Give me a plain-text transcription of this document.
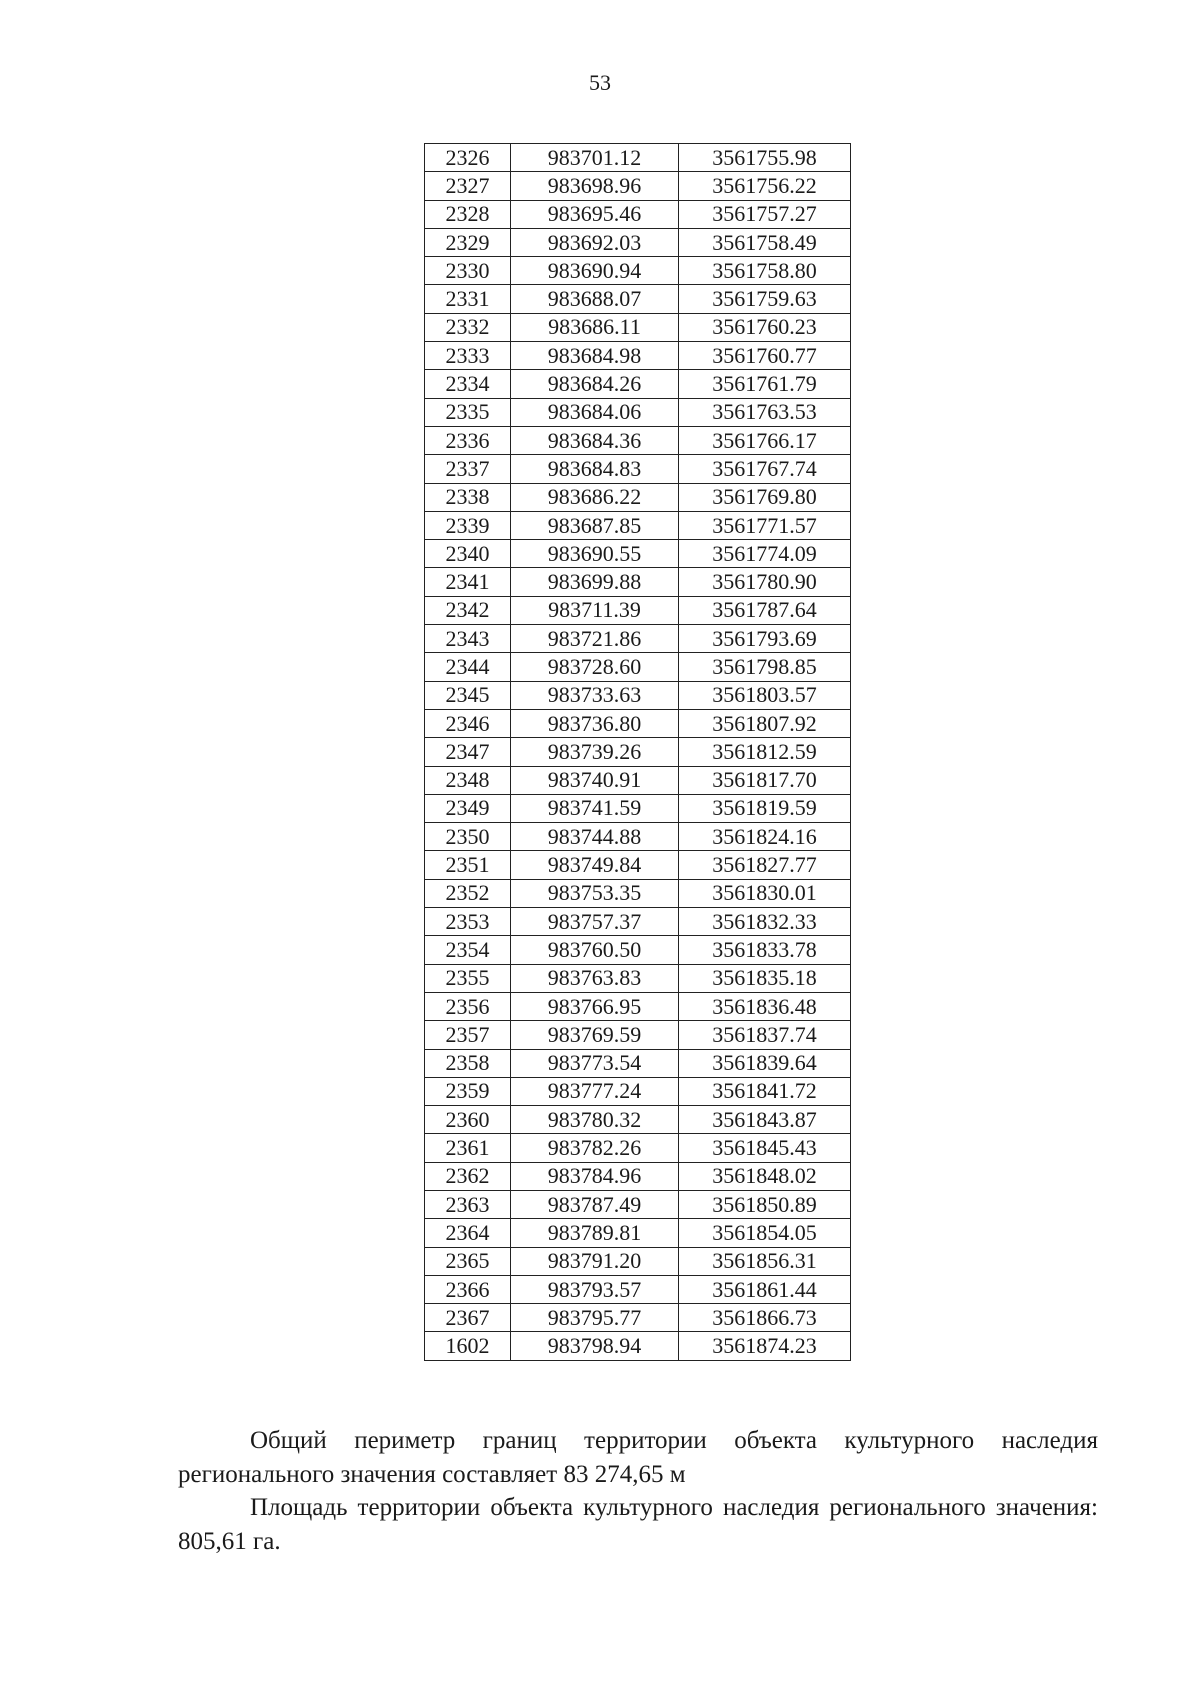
53
2326	983701.12	3561755.98
2327	983698.96	3561756.22
2328	983695.46	3561757.27
2329	983692.03	3561758.49
2330	983690.94	3561758.80
2331	983688.07	3561759.63
2332	983686.11	3561760.23
2333	983684.98	3561760.77
2334	983684.26	3561761.79
2335	983684.06	3561763.53
2336	983684.36	3561766.17
2337	983684.83	3561767.74
2338	983686.22	3561769.80
2339	983687.85	3561771.57
2340	983690.55	3561774.09
2341	983699.88	3561780.90
2342	983711.39	3561787.64
2343	983721.86	3561793.69
2344	983728.60	3561798.85
2345	983733.63	3561803.57
2346	983736.80	3561807.92
2347	983739.26	3561812.59
2348	983740.91	3561817.70
2349	983741.59	3561819.59
2350	983744.88	3561824.16
2351	983749.84	3561827.77
2352	983753.35	3561830.01
2353	983757.37	3561832.33
2354	983760.50	3561833.78
2355	983763.83	3561835.18
2356	983766.95	3561836.48
2357	983769.59	3561837.74
2358	983773.54	3561839.64
2359	983777.24	3561841.72
2360	983780.32	3561843.87
2361	983782.26	3561845.43
2362	983784.96	3561848.02
2363	983787.49	3561850.89
2364	983789.81	3561854.05
2365	983791.20	3561856.31
2366	983793.57	3561861.44
2367	983795.77	3561866.73
1602	983798.94	3561874.23

Общий периметр границ территории объекта культурного наследия регионального значения составляет 83 274,65 м

Площадь территории объекта культурного наследия регионального значения: 805,61 га.
